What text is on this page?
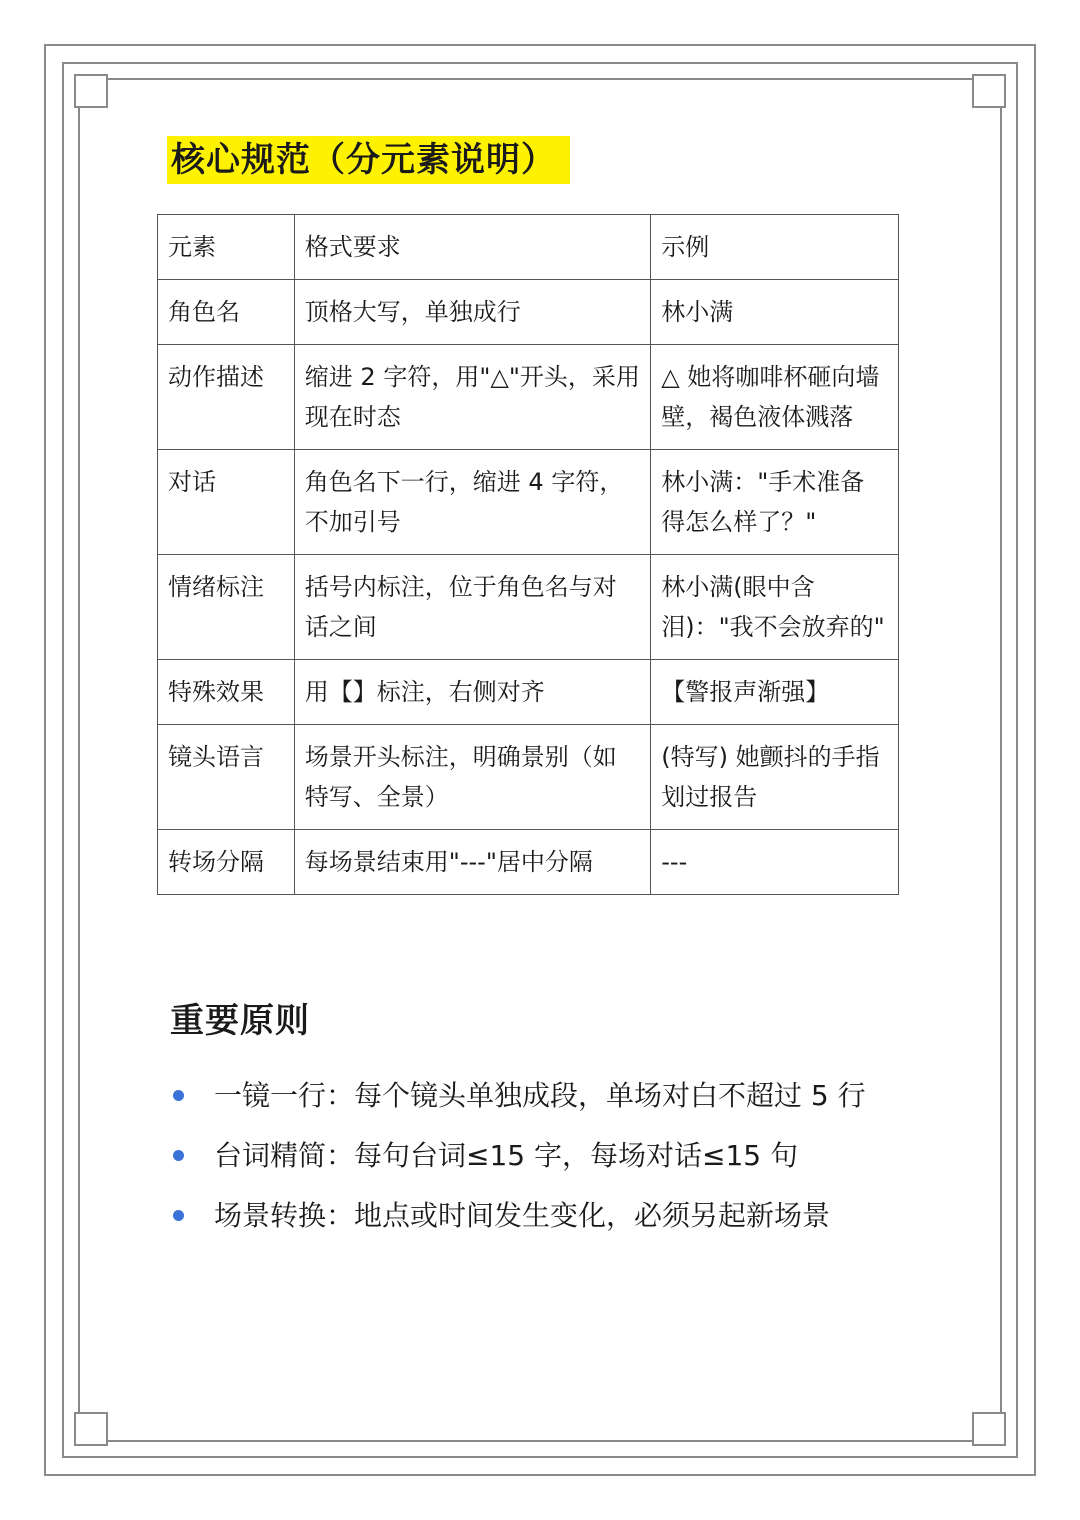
核心规范（分元素说明）
元素	格式要求	示例
角色名	顶格大写，单独成行	林小满
动作描述	缩进 2 字符，用"△"开头，采用现在时态	△ 她将咖啡杯砸向墙壁，褐色液体溅落
对话	角色名下一行，缩进 4 字符，不加引号	林小满："手术准备得怎么样了？"
情绪标注	括号内标注，位于角色名与对话之间	林小满(眼中含泪)："我不会放弃的"
特殊效果	用【】标注，右侧对齐	【警报声渐强】
镜头语言	场景开头标注，明确景别（如特写、全景）	(特写) 她颤抖的手指划过报告
转场分隔	每场景结束用"---"居中分隔	---
重要原则
一镜一行：每个镜头单独成段，单场对白不超过 5 行
台词精简：每句台词≤15 字，每场对话≤15 句
场景转换：地点或时间发生变化，必须另起新场景
